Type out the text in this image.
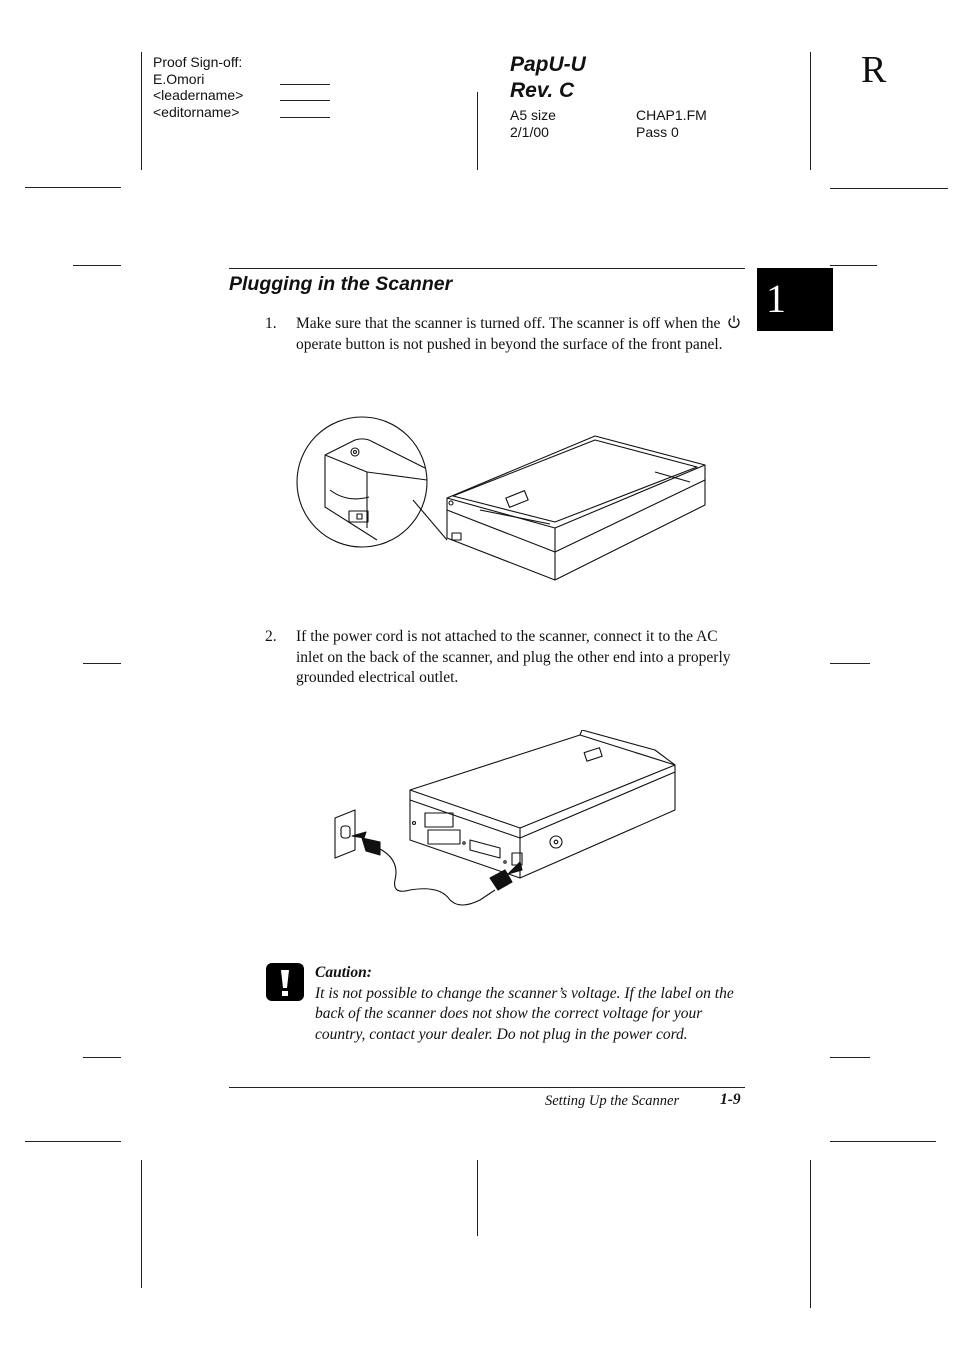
Proof Sign-off:
E.Omori
<leadername>
<editorname>
PapU-U
Rev. C
A5 size
2/1/00
CHAP1.FM
Pass 0
R
1
Plugging in the Scanner
1. Make sure that the scanner is turned off. The scanner is off when the  operate button is not pushed in beyond the surface of the front panel.
2. If the power cord is not attached to the scanner, connect it to the AC inlet on the back of the scanner, and plug the other end into a properly grounded electrical outlet.
Caution:
It is not possible to change the scanner’s voltage. If the label on the back of the scanner does not show the correct voltage for your country, contact your dealer. Do not plug in the power cord.
Setting Up the Scanner	1-9
